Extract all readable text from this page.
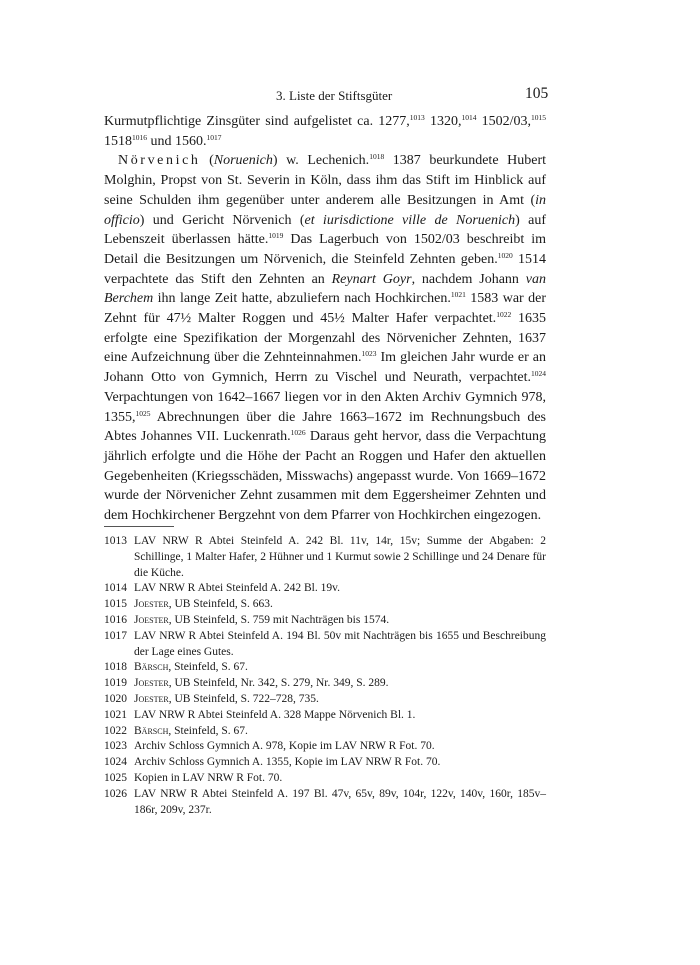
3. Liste der Stiftsgüter	105

Kurmutpflichtige Zinsgüter sind aufgelistet ca. 1277,$^{1013}$ 1320,$^{1014}$ 1502/03,$^{1015}$ $1518^{1016}$ und 1560.$^{1017}$

Nörvenich (Noruenich) w. Lechenich.$^{1018}$ 1387 beurkundete Hubert Molghin, Propst von St. Severin in Köln, dass ihm das Stift im Hinblick auf seine Schulden ihm gegenüber unter anderem alle Besitzungen in Amt (in officio) und Gericht Nörvenich (et iurisdictione ville de Noruenich) auf Lebenszeit überlassen hätte.$^{1019}$ Das Lagerbuch von 1502/03 beschreibt im Detail die Besitzungen um Nörvenich, die Steinfeld Zehnten geben.$^{1020}$ 1514 verpachtete das Stift den Zehnten an Reynart Goyr, nachdem Johann van Berchem ihn lange Zeit hatte, abzuliefern nach Hochkirchen.$^{1021}$ 1583 war der Zehnt für 47½ Malter Roggen und 45½ Malter Hafer verpachtet.$^{1022}$ 1635 erfolgte eine Spezifikation der Morgenzahl des Nörvenicher Zehnten, 1637 eine Aufzeichnung über die Zehnteinnahmen.$^{1023}$ Im gleichen Jahr wurde er an Johann Otto von Gymnich, Herrn zu Vischel und Neurath, verpachtet.$^{1024}$ Verpachtungen von 1642–1667 liegen vor in den Akten Archiv Gymnich 978, 1355,$^{1025}$ Abrechnungen über die Jahre 1663–1672 im Rechnungsbuch des Abtes Johannes VII. Luckenrath.$^{1026}$ Daraus geht hervor, dass die Verpachtung jährlich erfolgte und die Höhe der Pacht an Roggen und Hafer den aktuellen Gegebenheiten (Kriegsschäden, Misswachs) angepasst wurde. Von 1669–1672 wurde der Nörvenicher Zehnt zusammen mit dem Eggersheimer Zehnten und dem Hochkirchener Bergzehnt von dem Pfarrer von Hochkirchen eingezogen.

1013 LAV NRW R Abtei Steinfeld A. 242 Bl. 11v, 14r, 15v; Summe der Abgaben: 2 Schillinge, 1 Malter Hafer, 2 Hühner und 1 Kurmut sowie 2 Schillinge und 24 Denare für die Küche.
1014 LAV NRW R Abtei Steinfeld A. 242 Bl. 19v.
1015 Joester, UB Steinfeld, S. 663.
1016 Joester, UB Steinfeld, S. 759 mit Nachträgen bis 1574.
1017 LAV NRW R Abtei Steinfeld A. 194 Bl. 50v mit Nachträgen bis 1655 und Beschreibung der Lage eines Gutes.
1018 Bärsch, Steinfeld, S. 67.
1019 Joester, UB Steinfeld, Nr. 342, S. 279, Nr. 349, S. 289.
1020 Joester, UB Steinfeld, S. 722–728, 735.
1021 LAV NRW R Abtei Steinfeld A. 328 Mappe Nörvenich Bl. 1.
1022 Bärsch, Steinfeld, S. 67.
1023 Archiv Schloss Gymnich A. 978, Kopie im LAV NRW R Fot. 70.
1024 Archiv Schloss Gymnich A. 1355, Kopie im LAV NRW R Fot. 70.
1025 Kopien in LAV NRW R Fot. 70.
1026 LAV NRW R Abtei Steinfeld A. 197 Bl. 47v, 65v, 89v, 104r, 122v, 140v, 160r, 185v–186r, 209v, 237r.
